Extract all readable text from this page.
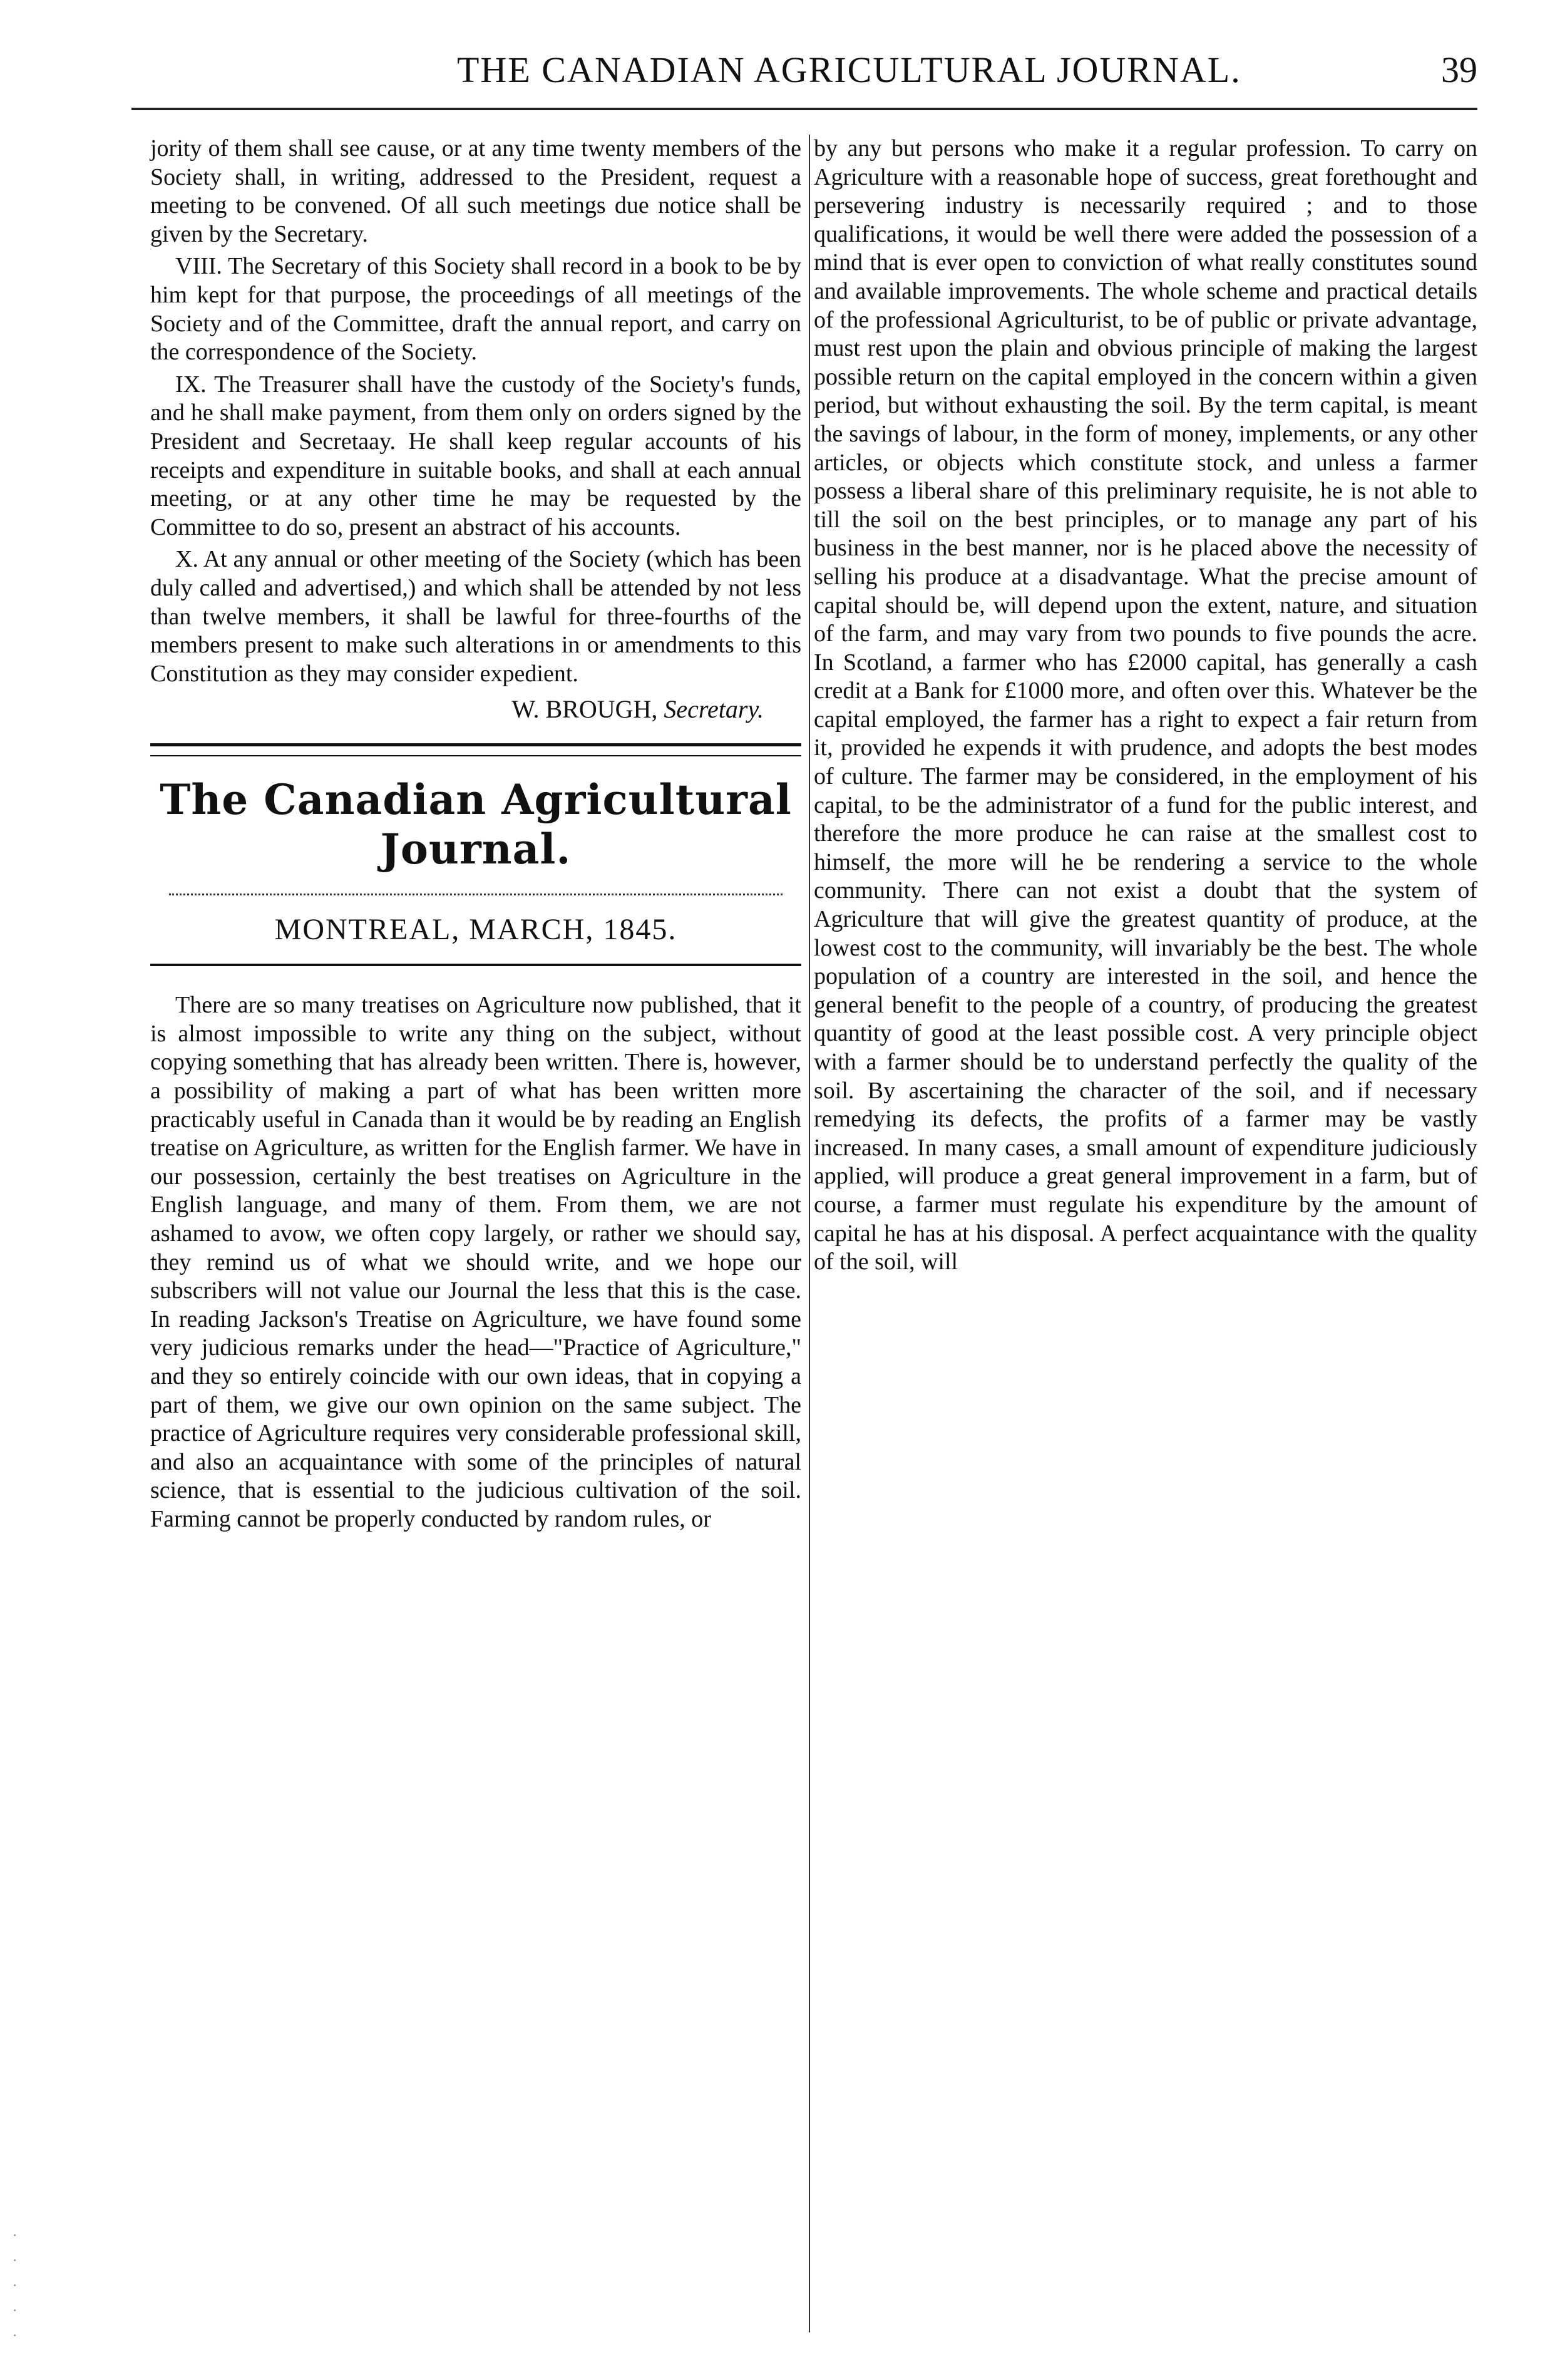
THE CANADIAN AGRICULTURAL JOURNAL.	39

jority of them shall see cause, or at any time twenty members of the Society shall, in writing, addressed to the President, request a meeting to be convened. Of all such meetings due notice shall be given by the Secretary.

VIII. The Secretary of this Society shall record in a book to be by him kept for that purpose, the proceedings of all meetings of the Society and of the Committee, draft the annual report, and carry on the correspondence of the Society.

IX. The Treasurer shall have the custody of the Society's funds, and he shall make payment, from them only on orders signed by the President and Secretaay. He shall keep regular accounts of his receipts and expenditure in suitable books, and shall at each annual meeting, or at any other time he may be requested by the Committee to do so, present an abstract of his accounts.

X. At any annual or other meeting of the Society (which has been duly called and advertised,) and which shall be attended by not less than twelve members, it shall be lawful for three-fourths of the members present to make such alterations in or amendments to this Constitution as they may consider expedient.

W. BROUGH, Secretary.
The Canadian Agricultural Journal.
MONTREAL, MARCH, 1845.

There are so many treatises on Agriculture now published, that it is almost impossible to write any thing on the subject, without copying something that has already been written. There is, however, a possibility of making a part of what has been written more practicably useful in Canada than it would be by reading an English treatise on Agriculture, as written for the English farmer. We have in our possession, certainly the best treatises on Agriculture in the English language, and many of them. From them, we are not ashamed to avow, we often copy largely, or rather we should say, they remind us of what we should write, and we hope our subscribers will not value our Journal the less that this is the case. In reading Jackson's Treatise on Agriculture, we have found some very judicious remarks under the head—"Practice of Agriculture," and they so entirely coincide with our own ideas, that in copying a part of them, we give our own opinion on the same subject. The practice of Agriculture requires very considerable professional skill, and also an acquaintance with some of the principles of natural science, that is essential to the judicious cultivation of the soil. Farming cannot be properly conducted by random rules, or

by any but persons who make it a regular profession. To carry on Agriculture with a reasonable hope of success, great forethought and persevering industry is necessarily required ; and to those qualifications, it would be well there were added the possession of a mind that is ever open to conviction of what really constitutes sound and available improvements. The whole scheme and practical details of the professional Agriculturist, to be of public or private advantage, must rest upon the plain and obvious principle of making the largest possible return on the capital employed in the concern within a given period, but without exhausting the soil. By the term capital, is meant the savings of labour, in the form of money, implements, or any other articles, or objects which constitute stock, and unless a farmer possess a liberal share of this preliminary requisite, he is not able to till the soil on the best principles, or to manage any part of his business in the best manner, nor is he placed above the necessity of selling his produce at a disadvantage. What the precise amount of capital should be, will depend upon the extent, nature, and situation of the farm, and may vary from two pounds to five pounds the acre. In Scotland, a farmer who has £2000 capital, has generally a cash credit at a Bank for £1000 more, and often over this. Whatever be the capital employed, the farmer has a right to expect a fair return from it, provided he expends it with prudence, and adopts the best modes of culture. The farmer may be considered, in the employment of his capital, to be the administrator of a fund for the public interest, and therefore the more produce he can raise at the smallest cost to himself, the more will he be rendering a service to the whole community. There can not exist a doubt that the system of Agriculture that will give the greatest quantity of produce, at the lowest cost to the community, will invariably be the best. The whole population of a country are interested in the soil, and hence the general benefit to the people of a country, of producing the greatest quantity of good at the least possible cost. A very principle object with a farmer should be to understand perfectly the quality of the soil. By ascertaining the character of the soil, and if necessary remedying its defects, the profits of a farmer may be vastly increased. In many cases, a small amount of expenditure judiciously applied, will produce a great general improvement in a farm, but of course, a farmer must regulate his expenditure by the amount of capital he has at his disposal. A perfect acquaintance with the quality of the soil, will

·
·
·
·
·
